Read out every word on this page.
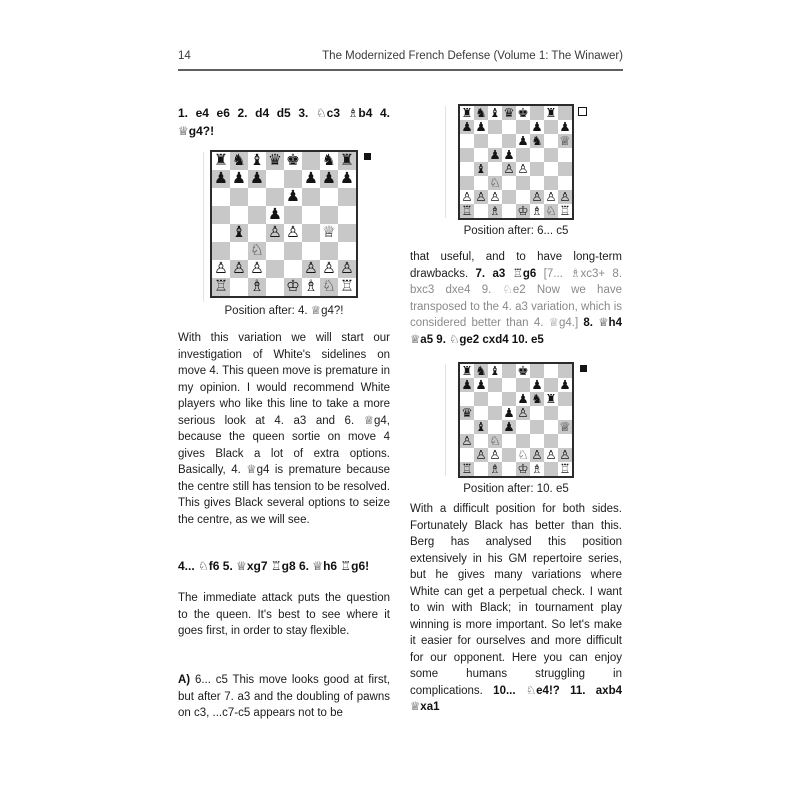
14	The Modernized French Defense (Volume 1: The Winawer)
1. e4 e6 2. d4 d5 3. ♘c3 ♗b4 4. ♕g4?!
♜ ♞ ♝ ♛ ♚ ♞ ♜
♟ ♟ ♟	♟ ♟ ♟
♟
♟
♝ ♙ ♙ ♕
♘
♙ ♙ ♙	♙ ♙ ♙
♖ ♗ ♔ ♗ ♘ ♖
Position after: 4. ♕g4?!
With this variation we will start our investigation of White's sidelines on move 4. This queen move is premature in my opinion. I would recommend White players who like this line to take a more serious look at 4. a3 and 6. ♕g4, because the queen sortie on move 4 gives Black a lot of extra options. Basically, 4. ♕g4 is premature because the centre still has tension to be resolved. This gives Black several options to seize the centre, as we will see.
4... ♘f6 5. ♕xg7 ♖g8 6. ♕h6 ♖g6!
The immediate attack puts the question to the queen. It's best to see where it goes first, in order to stay flexible.
A) 6... c5 This move looks good at first, but after 7. a3 and the doubling of pawns on c3, ...c7-c5 appears not to be
♜ ♞ ♝ ♛ ♚ ♜
♟ ♟	♟ ♟
♟ ♞ ♕
♟ ♟
♝ ♙ ♙
♘
♙ ♙ ♙ ♙ ♙ ♙
♖ ♗ ♔ ♗ ♘ ♖
Position after: 6... c5
that useful, and to have long-term drawbacks. 7. a3 ♖g6 [7... ♗xc3+ 8. bxc3 dxe4 9. ♘e2 Now we have transposed to the 4. a3 variation, which is considered better than 4. ♕g4.] 8. ♕h4 ♕a5 9. ♘ge2 cxd4 10. e5
♜ ♞ ♝ ♚
♟ ♟	♟ ♟
♟ ♞ ♜
♛ ♟ ♙
♝ ♟	♕
♙ ♘
♙ ♙ ♘ ♙ ♙ ♙
♖ ♗ ♔ ♗ ♖
Position after: 10. e5
With a difficult position for both sides. Fortunately Black has better than this. Berg has analysed this position extensively in his GM repertoire series, but he gives many variations where White can get a perpetual check. I want to win with Black; in tournament play winning is more important. So let's make it easier for ourselves and more difficult for our opponent. Here you can enjoy some humans struggling in complications. 10... ♘e4!? 11. axb4 ♕xa1
